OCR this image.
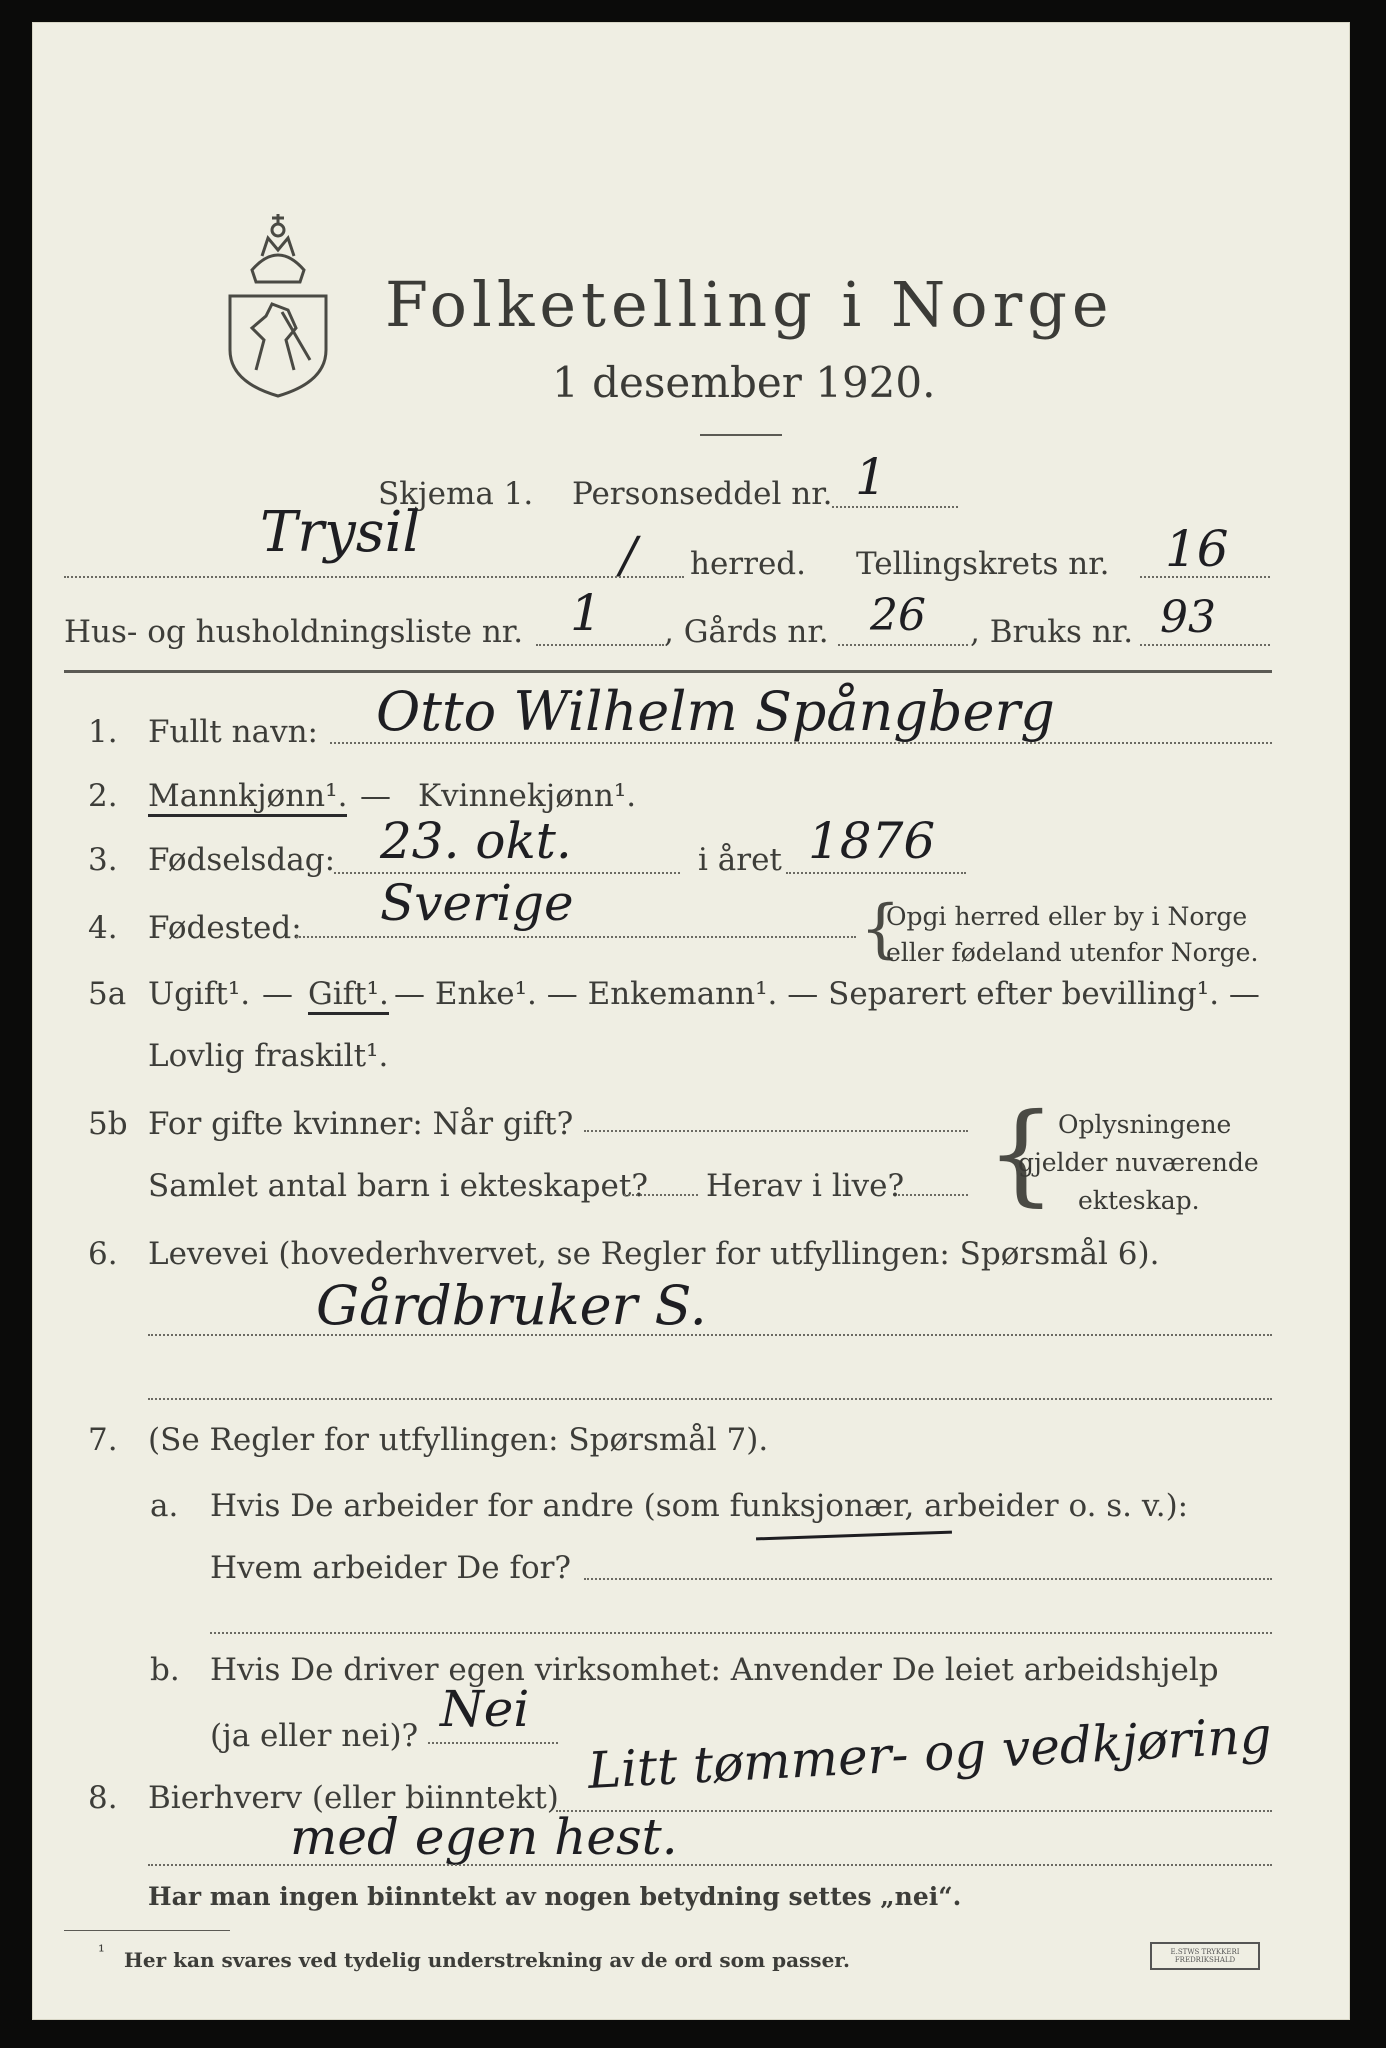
Folketelling i Norge
1 desember 1920.
Skjema 1. Personseddel nr. 1
Trysil	/ herred. Tellingskrets nr. 16
Hus- og husholdningsliste nr. 1 , Gårds nr. 26 , Bruks nr. 93
1. Fullt navn: Otto Wilhelm Spångberg
2. Mannkjønn¹. — Kvinnekjønn¹.
3. Fødselsdag: 23. okt.	i året 1876
4. Fødested: Sverige	{
Opgi herred eller by i Norge
eller fødeland utenfor Norge.
5a Ugift¹. — Gift¹. — Enke¹. — Enkemann¹. — Separert efter bevilling¹. —
Lovlig fraskilt¹.
5b For gifte kvinner: Når gift?
Samlet antal barn i ekteskapet? Herav i live? { Oplysningene
gjelder nuværende
ekteskap.
6. Levevei (hovederhvervet, se Regler for utfyllingen: Spørsmål 6).
Gårdbruker S.
7. (Se Regler for utfyllingen: Spørsmål 7).
a. Hvis De arbeider for andre (som funksjonær, arbeider o. s. v.):
Hvem arbeider De for?
b. Hvis De driver egen virksomhet: Anvender De leiet arbeidshjelp
(ja eller nei)? Nei
8. Bierhverv (eller biinntekt) Litt tømmer- og vedkjøring
med egen hest.
Har man ingen biinntekt av nogen betydning settes „nei“.
¹ Her kan svares ved tydelig understrekning av de ord som passer.	E.STWS TRYKKERI FREDRIKSHALD
